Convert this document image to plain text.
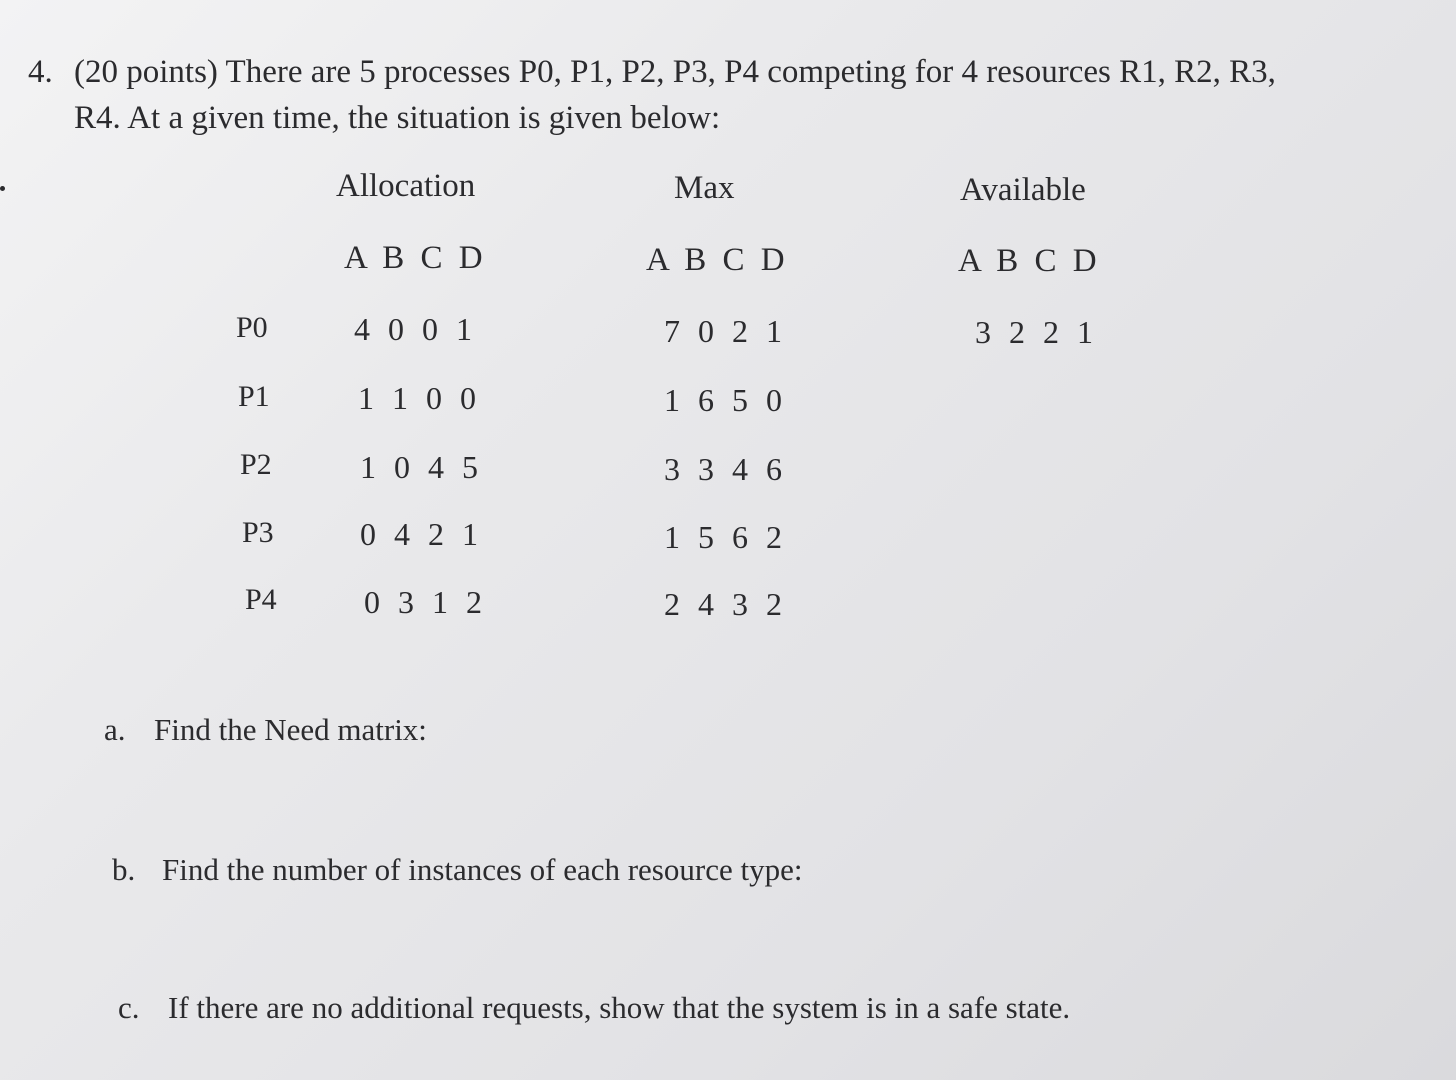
4. (20 points) There are 5 processes P0, P1, P2, P3, P4 competing for 4 resources R1, R2, R3,
R4. At a given time, the situation is given below:
Allocation	Max	Available
A B C D	A B C D	A B C D
P0	4 0 0 1	7 0 2 1	3 2 2 1
P1	1 1 0 0	1 6 5 0
P2	1 0 4 5	3 3 4 6
P3	0 4 2 1	1 5 6 2
P4	0 3 1 2	2 4 3 2
a. Find the Need matrix:
b. Find the number of instances of each resource type:
c. If there are no additional requests, show that the system is in a safe state.
